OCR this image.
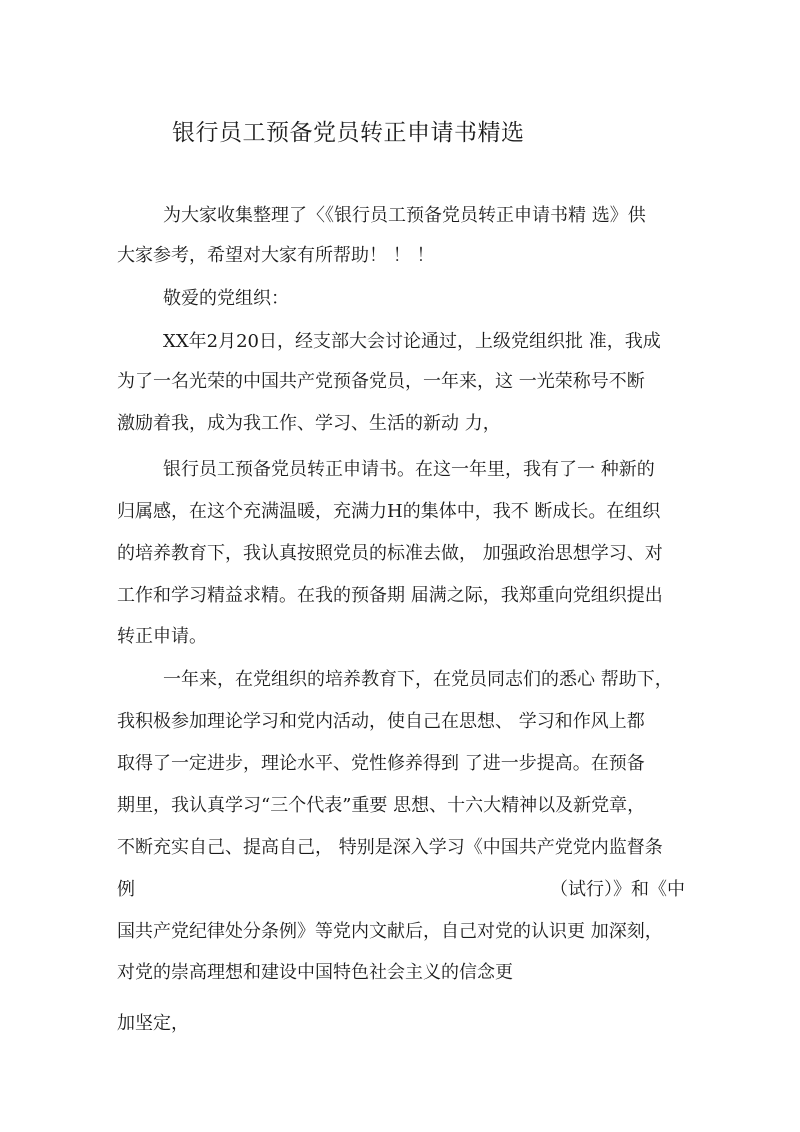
银行员工预备党员转正申请书精选
为大家收集整理了〈《银行员工预备党员转正申请书精 选》供
大家参考，希望对大家有所帮助！ ！ ！
敬爱的党组织：
XX年2月20日，经支部大会讨论通过，上级党组织批 准，我成
为了一名光荣的中国共产党预备党员，一年来，这 一光荣称号不断
激励着我，成为我工作、学习、生活的新动 力，
银行员工预备党员转正申请书。在这一年里，我有了一 种新的
归属感，在这个充满温暖，充满力H的集体中，我不 断成长。在组织
的培养教育下，我认真按照党员的标准去做， 加强政治思想学习、对
工作和学习精益求精。在我的预备期 届满之际，我郑重向党组织提出
转正申请。
一年来，在党组织的培养教育下，在党员同志们的悉心 帮助下，
我积极参加理论学习和党内活动，使自己在思想、 学习和作风上都
取得了一定进步，理论水平、党性修养得到 了进一步提高。在预备
期里，我认真学习“三个代表”重要 思想、十六大精神以及新党章，
不断充实自己、提高自己， 特别是深入学习《中国共产党党内监督条
例	（试行）》和《中
国共产党纪律处分条例》等党内文献后，自己对党的认识更 加深刻，
对党的崇高理想和建设中国特色社会主义的信念更
加坚定，
